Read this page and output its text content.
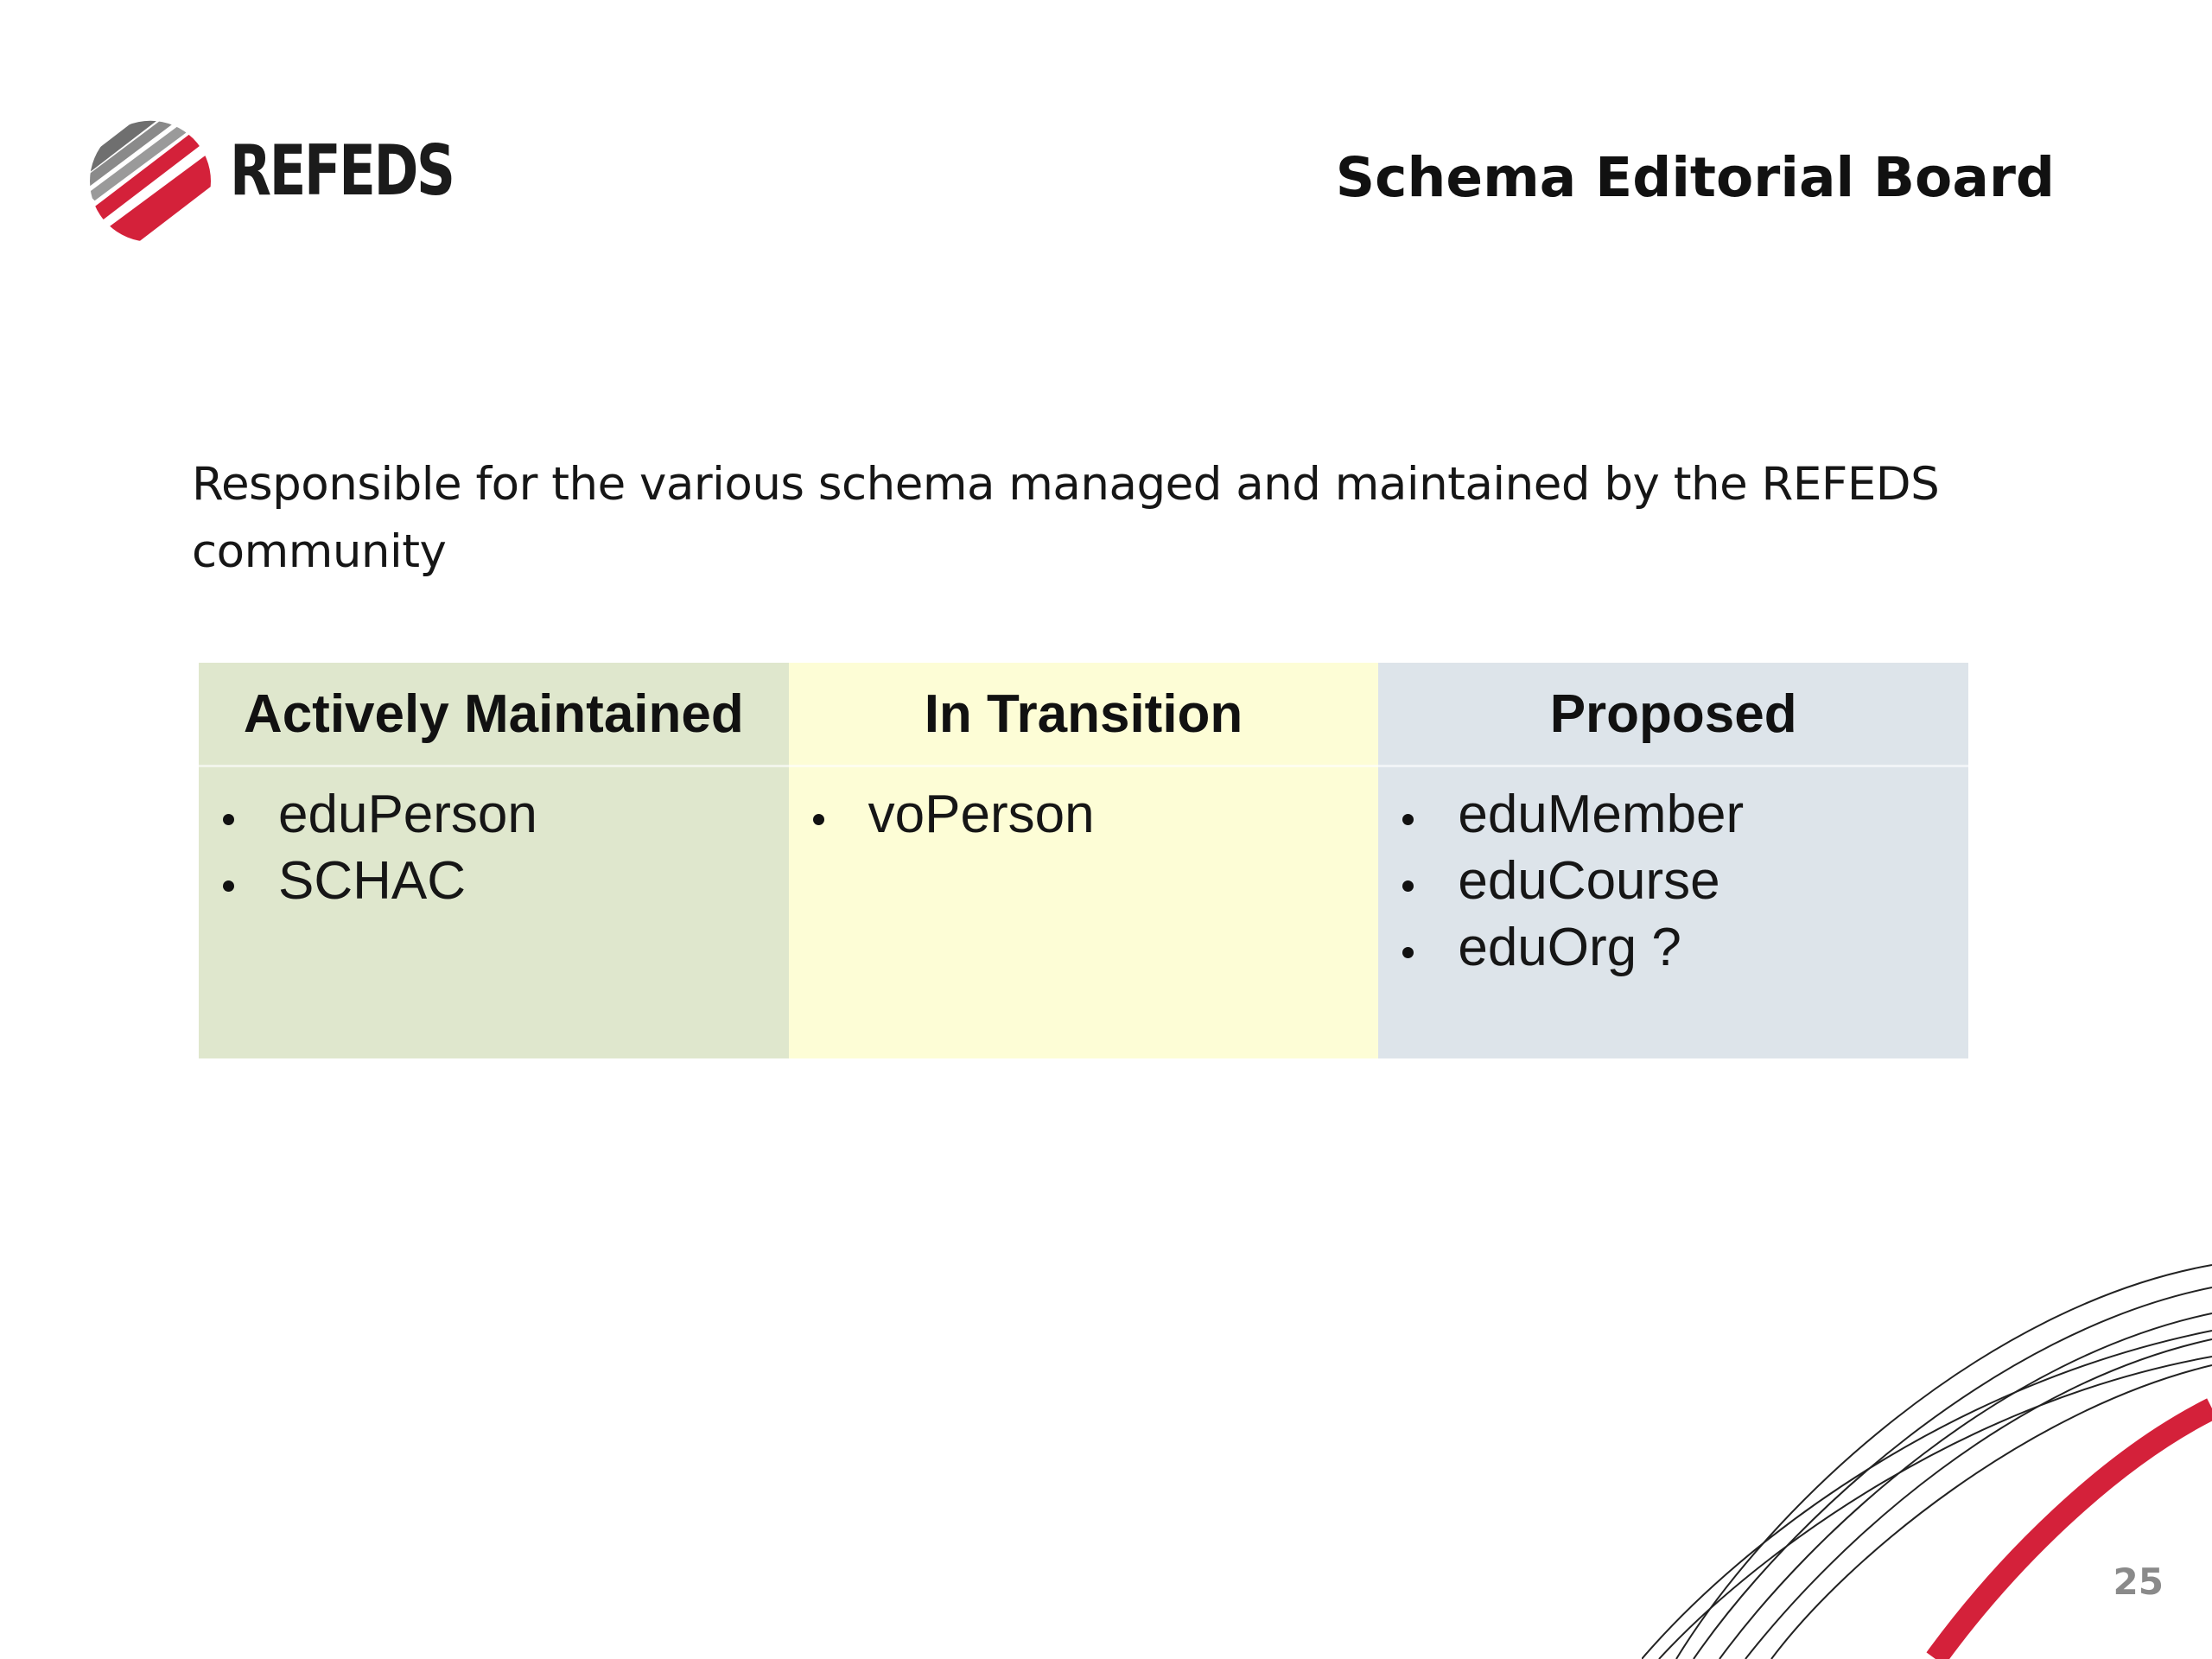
REFEDS	Schema Editorial Board
Responsible for the various schema managed and maintained by the REFEDS community
Actively Maintained
eduPerson
SCHAC
In Transition
voPerson
Proposed
eduMember
eduCourse
eduOrg ?
25
